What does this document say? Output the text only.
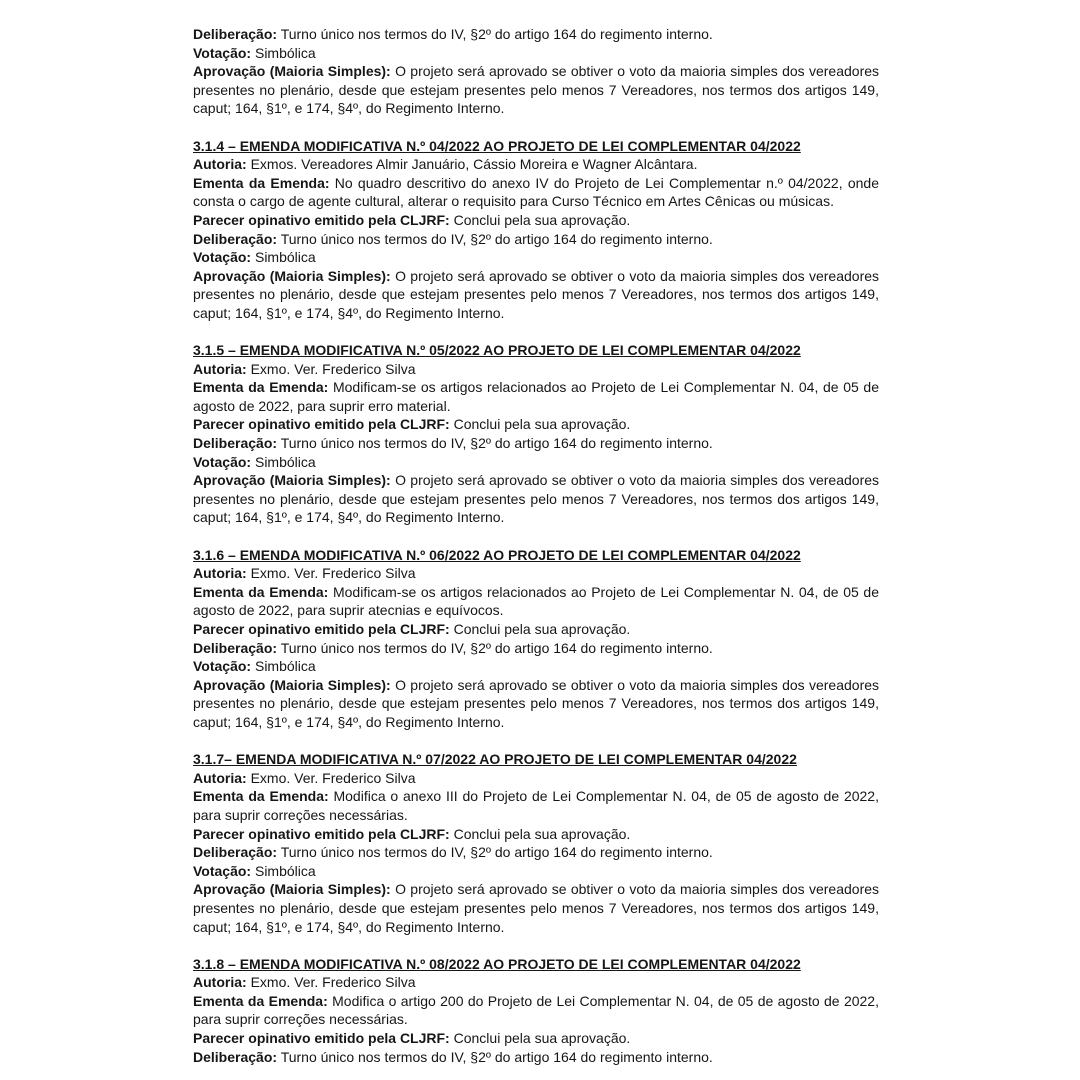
Deliberação: Turno único nos termos do IV, §2º do artigo 164 do regimento interno.

Votação: Simbólica

Aprovação (Maioria Simples): O projeto será aprovado se obtiver o voto da maioria simples dos vereadores presentes no plenário, desde que estejam presentes pelo menos 7 Vereadores, nos termos dos artigos 149, caput; 164, §1º, e 174, §4º, do Regimento Interno.

3.1.4 – EMENDA MODIFICATIVA N.º 04/2022 AO PROJETO DE LEI COMPLEMENTAR 04/2022

Autoria: Exmos. Vereadores Almir Januário, Cássio Moreira e Wagner Alcântara.

Ementa da Emenda: No quadro descritivo do anexo IV do Projeto de Lei Complementar n.º 04/2022, onde consta o cargo de agente cultural, alterar o requisito para Curso Técnico em Artes Cênicas ou músicas.

Parecer opinativo emitido pela CLJRF: Conclui pela sua aprovação.

Deliberação: Turno único nos termos do IV, §2º do artigo 164 do regimento interno.

Votação: Simbólica

Aprovação (Maioria Simples): O projeto será aprovado se obtiver o voto da maioria simples dos vereadores presentes no plenário, desde que estejam presentes pelo menos 7 Vereadores, nos termos dos artigos 149, caput; 164, §1º, e 174, §4º, do Regimento Interno.

3.1.5 – EMENDA MODIFICATIVA N.º 05/2022 AO PROJETO DE LEI COMPLEMENTAR 04/2022

Autoria: Exmo. Ver. Frederico Silva

Ementa da Emenda: Modificam-se os artigos relacionados ao Projeto de Lei Complementar N. 04, de 05 de agosto de 2022, para suprir erro material.

Parecer opinativo emitido pela CLJRF: Conclui pela sua aprovação.

Deliberação: Turno único nos termos do IV, §2º do artigo 164 do regimento interno.

Votação: Simbólica

Aprovação (Maioria Simples): O projeto será aprovado se obtiver o voto da maioria simples dos vereadores presentes no plenário, desde que estejam presentes pelo menos 7 Vereadores, nos termos dos artigos 149, caput; 164, §1º, e 174, §4º, do Regimento Interno.

3.1.6 – EMENDA MODIFICATIVA N.º 06/2022 AO PROJETO DE LEI COMPLEMENTAR 04/2022

Autoria: Exmo. Ver. Frederico Silva

Ementa da Emenda: Modificam-se os artigos relacionados ao Projeto de Lei Complementar N. 04, de 05 de agosto de 2022, para suprir atecnias e equívocos.

Parecer opinativo emitido pela CLJRF: Conclui pela sua aprovação.

Deliberação: Turno único nos termos do IV, §2º do artigo 164 do regimento interno.

Votação: Simbólica

Aprovação (Maioria Simples): O projeto será aprovado se obtiver o voto da maioria simples dos vereadores presentes no plenário, desde que estejam presentes pelo menos 7 Vereadores, nos termos dos artigos 149, caput; 164, §1º, e 174, §4º, do Regimento Interno.

3.1.7– EMENDA MODIFICATIVA N.º 07/2022 AO PROJETO DE LEI COMPLEMENTAR 04/2022

Autoria: Exmo. Ver. Frederico Silva

Ementa da Emenda: Modifica o anexo III do Projeto de Lei Complementar N. 04, de 05 de agosto de 2022, para suprir correções necessárias.

Parecer opinativo emitido pela CLJRF: Conclui pela sua aprovação.

Deliberação: Turno único nos termos do IV, §2º do artigo 164 do regimento interno.

Votação: Simbólica

Aprovação (Maioria Simples): O projeto será aprovado se obtiver o voto da maioria simples dos vereadores presentes no plenário, desde que estejam presentes pelo menos 7 Vereadores, nos termos dos artigos 149, caput; 164, §1º, e 174, §4º, do Regimento Interno.

3.1.8 – EMENDA MODIFICATIVA N.º 08/2022 AO PROJETO DE LEI COMPLEMENTAR 04/2022

Autoria: Exmo. Ver. Frederico Silva

Ementa da Emenda: Modifica o artigo 200 do Projeto de Lei Complementar N. 04, de 05 de agosto de 2022, para suprir correções necessárias.

Parecer opinativo emitido pela CLJRF: Conclui pela sua aprovação.

Deliberação: Turno único nos termos do IV, §2º do artigo 164 do regimento interno.
